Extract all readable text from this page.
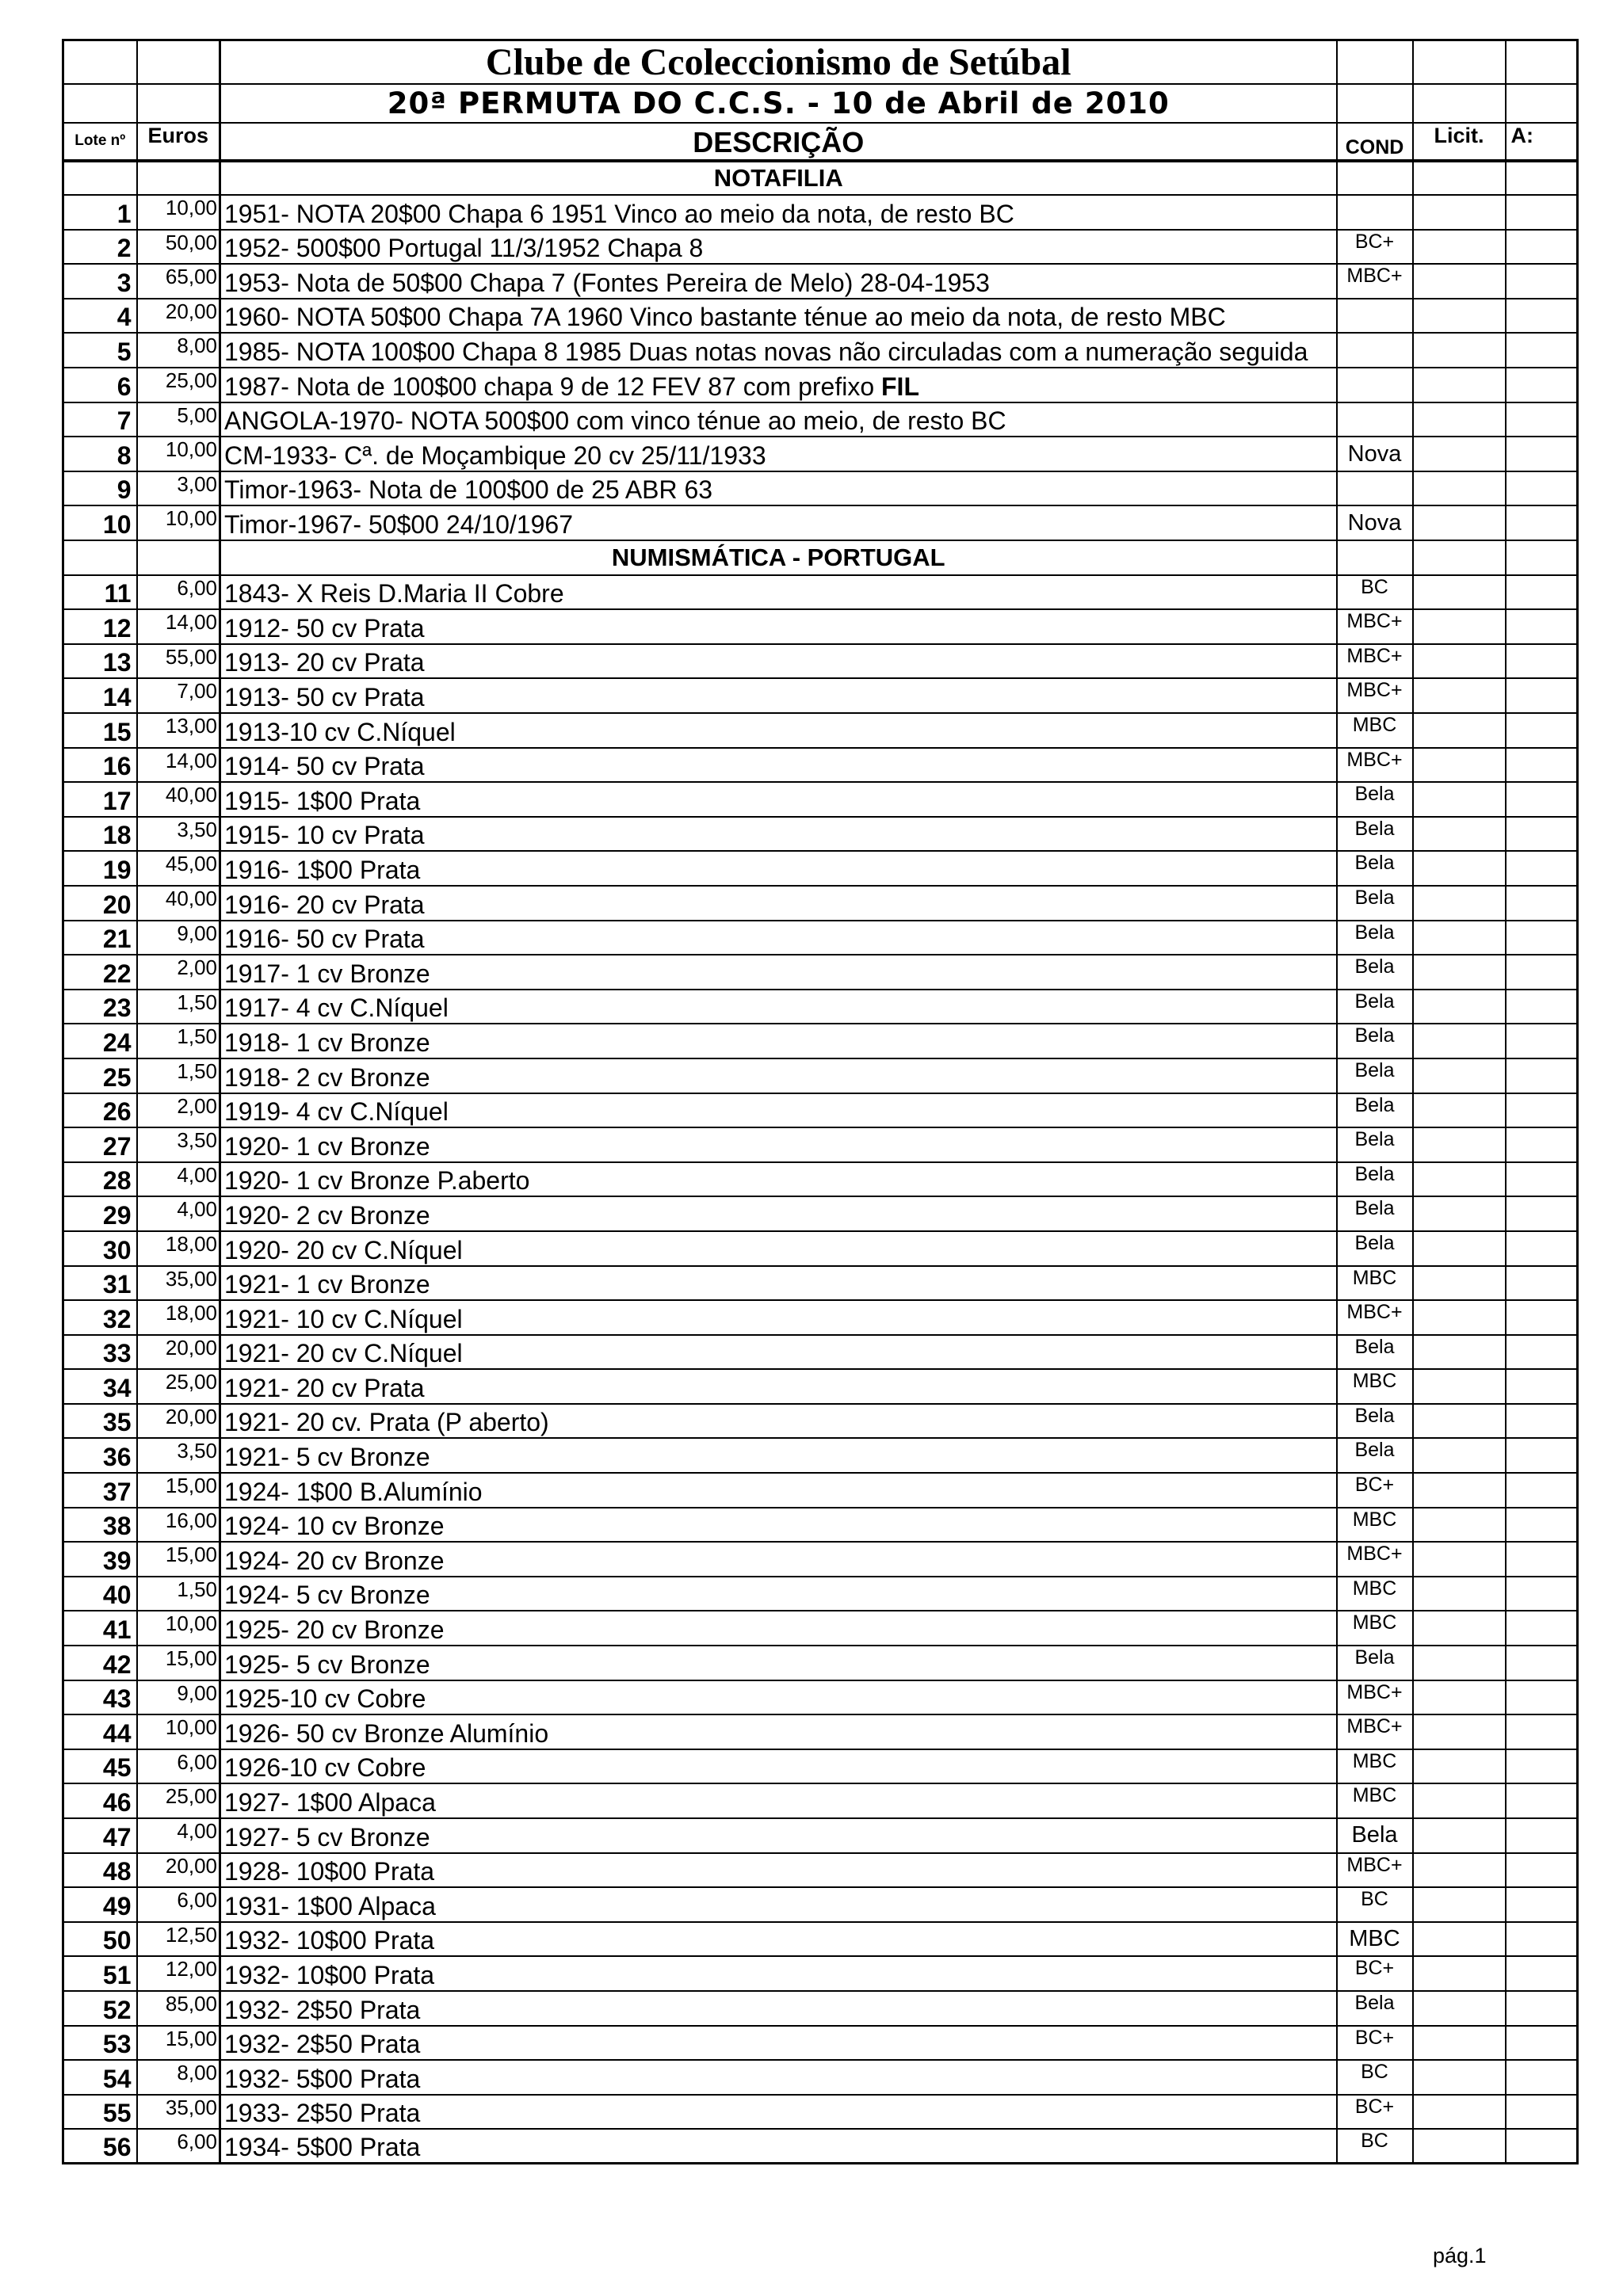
		Clube de Ccoleccionismo de Setúbal			
		20ª PERMUTA DO C.C.S. - 10 de Abril de 2010			
Lote nº	Euros	DESCRIÇÃO	COND	Licit.	A:
		NOTAFILIA			
1	10,00	1951- NOTA 20$00 Chapa 6 1951 Vinco ao meio da nota, de resto BC			
2	50,00	1952- 500$00 Portugal 11/3/1952 Chapa 8	BC+		
3	65,00	1953- Nota de 50$00 Chapa 7 (Fontes Pereira de Melo) 28-04-1953	MBC+		
4	20,00	1960- NOTA 50$00 Chapa 7A 1960 Vinco bastante ténue ao meio da nota, de resto MBC			
5	8,00	1985- NOTA 100$00 Chapa 8 1985 Duas notas novas não circuladas com a numeração seguida			
6	25,00	1987- Nota de 100$00 chapa 9 de 12 FEV 87 com prefixo FIL			
7	5,00	ANGOLA-1970- NOTA 500$00 com vinco ténue ao meio, de resto BC			
8	10,00	CM-1933- Cª. de Moçambique 20 cv 25/11/1933	Nova		
9	3,00	Timor-1963- Nota de 100$00 de 25 ABR 63			
10	10,00	Timor-1967- 50$00 24/10/1967	Nova		
		NUMISMÁTICA - PORTUGAL			
11	6,00	1843- X Reis D.Maria II Cobre	BC		
12	14,00	1912- 50 cv Prata	MBC+		
13	55,00	1913- 20 cv Prata	MBC+		
14	7,00	1913- 50 cv Prata	MBC+		
15	13,00	1913-10 cv C.Níquel	MBC		
16	14,00	1914- 50 cv Prata	MBC+		
17	40,00	1915- 1$00 Prata	Bela		
18	3,50	1915- 10 cv Prata	Bela		
19	45,00	1916- 1$00 Prata	Bela		
20	40,00	1916- 20 cv Prata	Bela		
21	9,00	1916- 50 cv Prata	Bela		
22	2,00	1917- 1 cv Bronze	Bela		
23	1,50	1917- 4 cv C.Níquel	Bela		
24	1,50	1918- 1 cv Bronze	Bela		
25	1,50	1918- 2 cv Bronze	Bela		
26	2,00	1919- 4 cv C.Níquel	Bela		
27	3,50	1920- 1 cv Bronze	Bela		
28	4,00	1920- 1 cv Bronze P.aberto	Bela		
29	4,00	1920- 2 cv Bronze	Bela		
30	18,00	1920- 20 cv C.Níquel	Bela		
31	35,00	1921- 1 cv Bronze	MBC		
32	18,00	1921- 10 cv C.Níquel	MBC+		
33	20,00	1921- 20 cv C.Níquel	Bela		
34	25,00	1921- 20 cv Prata	MBC		
35	20,00	1921- 20 cv. Prata (P aberto)	Bela		
36	3,50	1921- 5 cv Bronze	Bela		
37	15,00	1924- 1$00 B.Alumínio	BC+		
38	16,00	1924- 10 cv Bronze	MBC		
39	15,00	1924- 20 cv Bronze	MBC+		
40	1,50	1924- 5 cv Bronze	MBC		
41	10,00	1925- 20 cv Bronze	MBC		
42	15,00	1925- 5 cv Bronze	Bela		
43	9,00	1925-10 cv Cobre	MBC+		
44	10,00	1926- 50 cv Bronze Alumínio	MBC+		
45	6,00	1926-10 cv Cobre	MBC		
46	25,00	1927- 1$00 Alpaca	MBC		
47	4,00	1927- 5 cv Bronze	Bela		
48	20,00	1928- 10$00 Prata	MBC+		
49	6,00	1931- 1$00 Alpaca	BC		
50	12,50	1932- 10$00 Prata	MBC		
51	12,00	1932- 10$00 Prata	BC+		
52	85,00	1932- 2$50 Prata	Bela		
53	15,00	1932- 2$50 Prata	BC+		
54	8,00	1932- 5$00 Prata	BC		
55	35,00	1933- 2$50 Prata	BC+		
56	6,00	1934- 5$00 Prata	BC		
pág.1
